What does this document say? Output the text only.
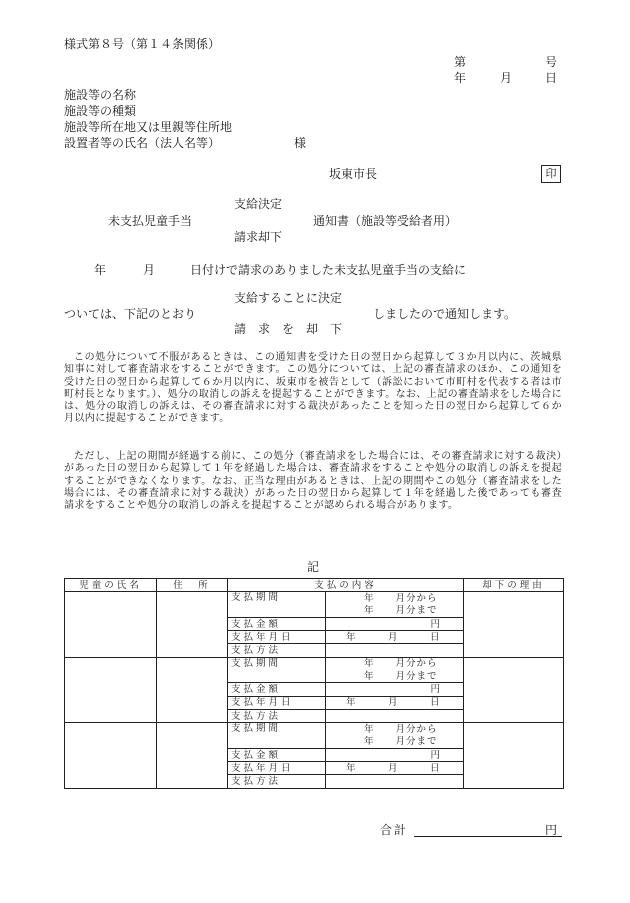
様式第８号（第１４条関係）
第	号
年	月	日
施設等の名称
施設等の種類
施設等所在地又は里親等住所地
設置者等の氏名（法人名等）	様
坂東市長	印
支給決定
未支払児童手当	通知書（施設等受給者用）
請求却下
年	月	日付けで請求のありました未支払児童手当の支給に
支給することに決定
ついては、下記のとおり	しましたので通知します。
請　求　を　却　下
この処分について不服があるときは、この通知書を受けた日の翌日から起算して３か月以内に、茨城県知事に対して審査請求をすることができます。この処分については、上記の審査請求のほか、この通知を受けた日の翌日から起算して６か月以内に、坂東市を被告として（訴訟において市町村を代表する者は市町村長となります。）、処分の取消しの訴えを提起することができます。なお、上記の審査請求をした場合には、処分の取消しの訴えは、その審査請求に対する裁決があったことを知った日の翌日から起算して６か月以内に提起することができます。
ただし、上記の期間が経過する前に、この処分（審査請求をした場合には、その審査請求に対する裁決）があった日の翌日から起算して１年を経過した場合は、審査請求をすることや処分の取消しの訴えを提起することができなくなります。なお、正当な理由があるときは、上記の期間やこの処分（審査請求をした場合には、その審査請求に対する裁決）があった日の翌日から起算して１年を経過した後であっても審査請求をすることや処分の取消しの訴えを提起することが認められる場合があります。
記
児童の氏名	住　所	支払の内容		却下の理由
		支払期間	年　　月分から	
			年　　月分まで	
		支払金額	円	
		支払年月日	年　　　月　　　日	
		支払方法		
		支払期間	年　　月分から	
			年　　月分まで	
		支払金額	円	
		支払年月日	年　　　月　　　日	
		支払方法		
		支払期間	年　　月分から	
			年　　月分まで	
		支払金額	円	
		支払年月日	年　　　月　　　日	
		支払方法		
合計	円
